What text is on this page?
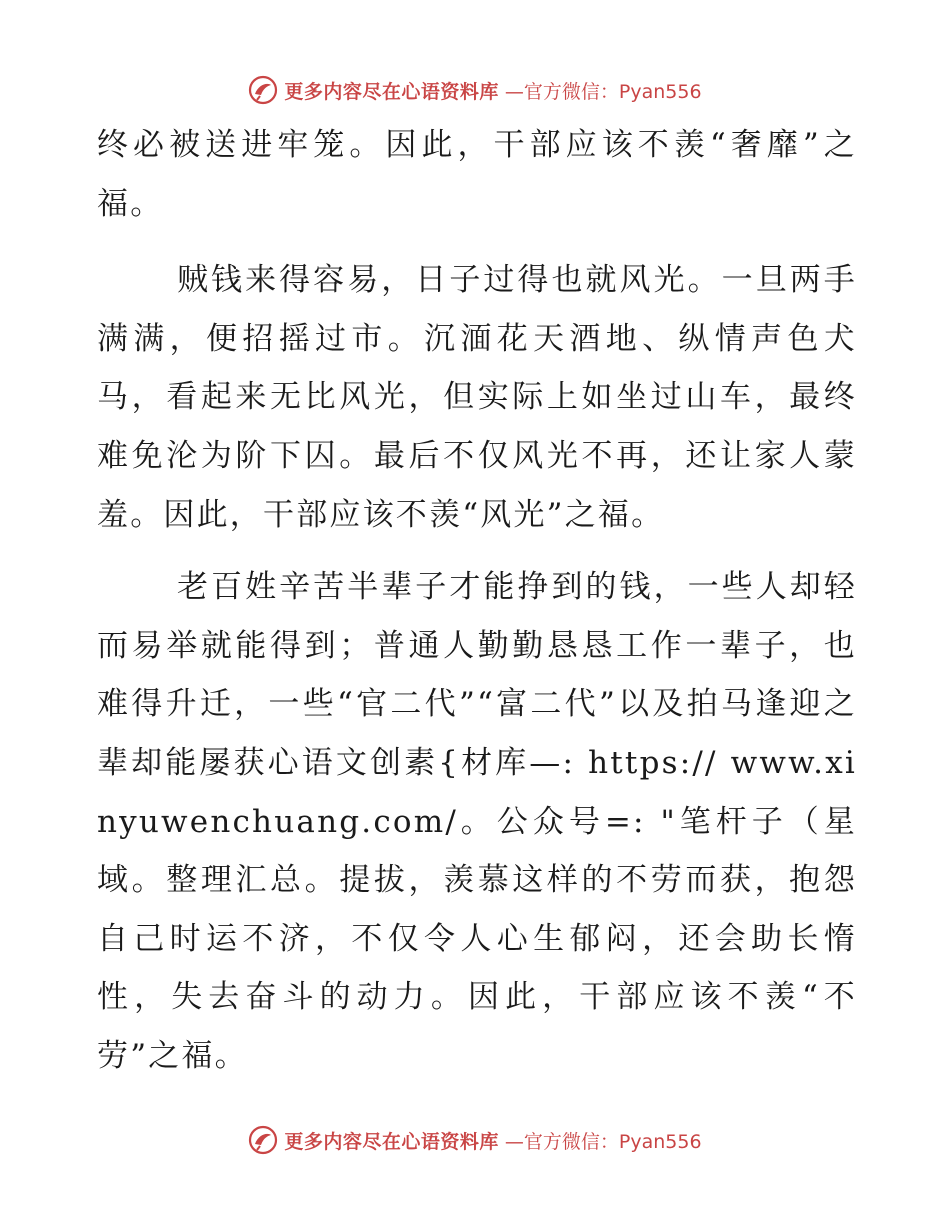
更多内容尽在心语资料库 —官方微信：Pyan556

终必被送进牢笼。因此，干部应该不羡“奢靡”之福。

贼钱来得容易，日子过得也就风光。一旦两手满满，便招摇过市。沉湎花天酒地、纵情声色犬马，看起来无比风光，但实际上如坐过山车，最终难免沦为阶下囚。最后不仅风光不再，还让家人蒙羞。因此，干部应该不羡“风光”之福。

老百姓辛苦半辈子才能挣到的钱，一些人却轻而易举就能得到；普通人勤勤恳恳工作一辈子，也难得升迁，一些“官二代”“富二代”以及拍马逢迎之辈却能屡获心语文创素{材库—: https:// www.xinyuwenchuang.com/。公众号=: "笔杆子（星域。整理汇总。提拔，羡慕这样的不劳而获，抱怨自己时运不济，不仅令人心生郁闷，还会助长惰性，失去奋斗的动力。因此，干部应该不羡“不劳”之福。

更多内容尽在心语资料库 —官方微信：Pyan556
